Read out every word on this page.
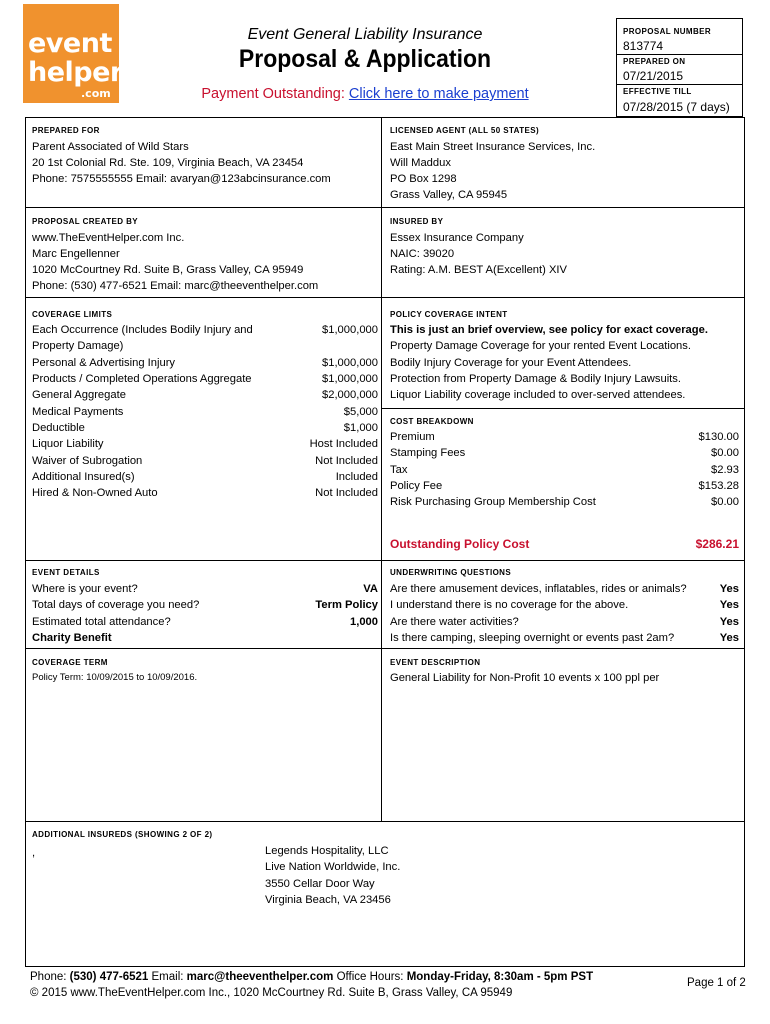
event
helper
.com
Event General Liability Insurance
Proposal & Application
Payment Outstanding: Click here to make payment
PROPOSAL NUMBER
813774
PREPARED ON
07/21/2015
EFFECTIVE TILL
07/28/2015 (7 days)
PREPARED FOR
Parent Associated of Wild Stars
20 1st Colonial Rd. Ste. 109, Virginia Beach, VA 23454
Phone: 7575555555 Email: avaryan@123abcinsurance.com
LICENSED AGENT (ALL 50 STATES)
East Main Street Insurance Services, Inc.
Will Maddux
PO Box 1298
Grass Valley, CA 95945
PROPOSAL CREATED BY
www.TheEventHelper.com Inc.
Marc Engellenner
1020 McCourtney Rd. Suite B, Grass Valley, CA 95949
Phone: (530) 477-6521 Email: marc@theeventhelper.com
INSURED BY
Essex Insurance Company
NAIC: 39020
Rating: A.M. BEST A(Excellent) XIV
COVERAGE LIMITS
Each Occurrence (Includes Bodily Injury and	$1,000,000
Property Damage)
Personal & Advertising Injury	$1,000,000
Products / Completed Operations Aggregate	$1,000,000
General Aggregate	$2,000,000
Medical Payments	$5,000
Deductible	$1,000
Liquor Liability	Host Included
Waiver of Subrogation	Not Included
Additional Insured(s)	Included
Hired & Non-Owned Auto	Not Included
POLICY COVERAGE INTENT
This is just an brief overview, see policy for exact coverage.
Property Damage Coverage for your rented Event Locations.
Bodily Injury Coverage for your Event Attendees.
Protection from Property Damage & Bodily Injury Lawsuits.
Liquor Liability coverage included to over-served attendees.
COST BREAKDOWN
Premium	$130.00
Stamping Fees	$0.00
Tax	$2.93
Policy Fee	$153.28
Risk Purchasing Group Membership Cost	$0.00
Outstanding Policy Cost	$286.21
EVENT DETAILS
Where is your event?	VA
Total days of coverage you need?	Term Policy
Estimated total attendance?	1,000
Charity Benefit
UNDERWRITING QUESTIONS
Are there amusement devices, inflatables, rides or animals?	Yes
I understand there is no coverage for the above.	Yes
Are there water activities?	Yes
Is there camping, sleeping overnight or events past 2am?	Yes
COVERAGE TERM
Policy Term: 10/09/2015 to 10/09/2016.
EVENT DESCRIPTION
General Liability for Non-Profit 10 events x 100 ppl per
ADDITIONAL INSUREDS (SHOWING 2 OF 2)
,	Legends Hospitality, LLC
Live Nation Worldwide, Inc.
3550 Cellar Door Way
Virginia Beach, VA 23456
Phone: (530) 477-6521 Email: marc@theeventhelper.com Office Hours: Monday-Friday, 8:30am - 5pm PST
© 2015 www.TheEventHelper.com Inc., 1020 McCourtney Rd. Suite B, Grass Valley, CA 95949
Page 1 of 2
